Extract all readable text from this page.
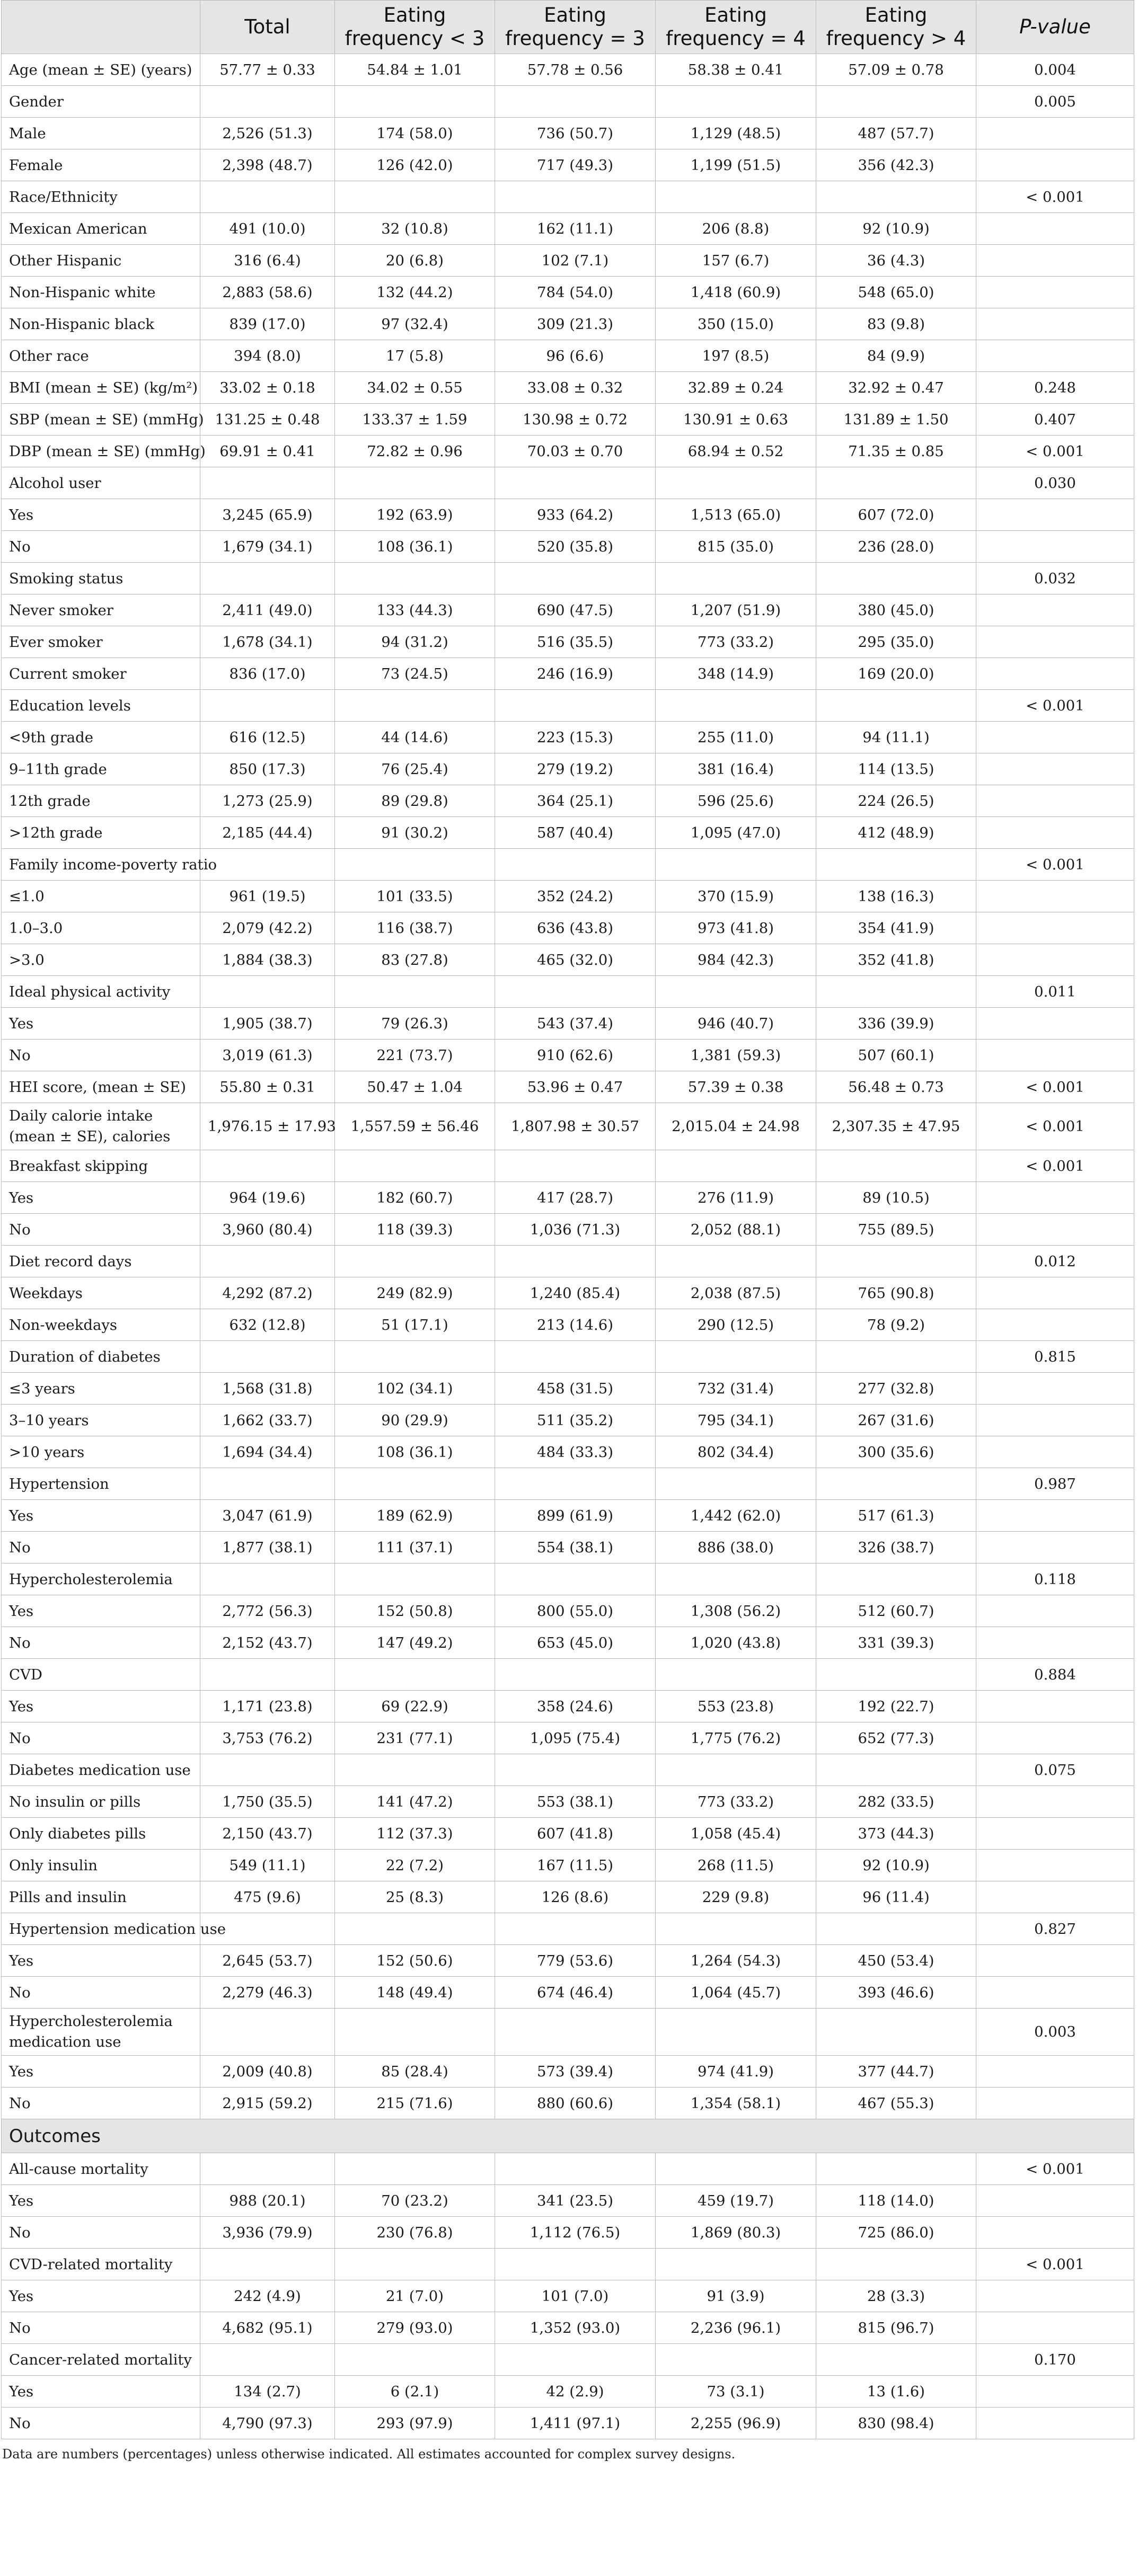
	Total	Eating frequency < 3	Eating frequency = 3	Eating frequency = 4	Eating frequency > 4	P-value
Age (mean ± SE) (years)	57.77 ± 0.33	54.84 ± 1.01	57.78 ± 0.56	58.38 ± 0.41	57.09 ± 0.78	0.004
Gender						0.005
Male	2,526 (51.3)	174 (58.0)	736 (50.7)	1,129 (48.5)	487 (57.7)	
Female	2,398 (48.7)	126 (42.0)	717 (49.3)	1,199 (51.5)	356 (42.3)	
Race/Ethnicity						< 0.001
Mexican American	491 (10.0)	32 (10.8)	162 (11.1)	206 (8.8)	92 (10.9)	
Other Hispanic	316 (6.4)	20 (6.8)	102 (7.1)	157 (6.7)	36 (4.3)	
Non-Hispanic white	2,883 (58.6)	132 (44.2)	784 (54.0)	1,418 (60.9)	548 (65.0)	
Non-Hispanic black	839 (17.0)	97 (32.4)	309 (21.3)	350 (15.0)	83 (9.8)	
Other race	394 (8.0)	17 (5.8)	96 (6.6)	197 (8.5)	84 (9.9)	
BMI (mean ± SE) (kg/m²)	33.02 ± 0.18	34.02 ± 0.55	33.08 ± 0.32	32.89 ± 0.24	32.92 ± 0.47	0.248
SBP (mean ± SE) (mmHg)	131.25 ± 0.48	133.37 ± 1.59	130.98 ± 0.72	130.91 ± 0.63	131.89 ± 1.50	0.407
DBP (mean ± SE) (mmHg)	69.91 ± 0.41	72.82 ± 0.96	70.03 ± 0.70	68.94 ± 0.52	71.35 ± 0.85	< 0.001
Alcohol user						0.030
Yes	3,245 (65.9)	192 (63.9)	933 (64.2)	1,513 (65.0)	607 (72.0)	
No	1,679 (34.1)	108 (36.1)	520 (35.8)	815 (35.0)	236 (28.0)	
Smoking status						0.032
Never smoker	2,411 (49.0)	133 (44.3)	690 (47.5)	1,207 (51.9)	380 (45.0)	
Ever smoker	1,678 (34.1)	94 (31.2)	516 (35.5)	773 (33.2)	295 (35.0)	
Current smoker	836 (17.0)	73 (24.5)	246 (16.9)	348 (14.9)	169 (20.0)	
Education levels						< 0.001
<9th grade	616 (12.5)	44 (14.6)	223 (15.3)	255 (11.0)	94 (11.1)	
9–11th grade	850 (17.3)	76 (25.4)	279 (19.2)	381 (16.4)	114 (13.5)	
12th grade	1,273 (25.9)	89 (29.8)	364 (25.1)	596 (25.6)	224 (26.5)	
>12th grade	2,185 (44.4)	91 (30.2)	587 (40.4)	1,095 (47.0)	412 (48.9)	
Family income-poverty ratio						< 0.001
≤1.0	961 (19.5)	101 (33.5)	352 (24.2)	370 (15.9)	138 (16.3)	
1.0–3.0	2,079 (42.2)	116 (38.7)	636 (43.8)	973 (41.8)	354 (41.9)	
>3.0	1,884 (38.3)	83 (27.8)	465 (32.0)	984 (42.3)	352 (41.8)	
Ideal physical activity						0.011
Yes	1,905 (38.7)	79 (26.3)	543 (37.4)	946 (40.7)	336 (39.9)	
No	3,019 (61.3)	221 (73.7)	910 (62.6)	1,381 (59.3)	507 (60.1)	
HEI score, (mean ± SE)	55.80 ± 0.31	50.47 ± 1.04	53.96 ± 0.47	57.39 ± 0.38	56.48 ± 0.73	< 0.001
Daily calorie intake (mean ± SE), calories	1,976.15 ± 17.93	1,557.59 ± 56.46	1,807.98 ± 30.57	2,015.04 ± 24.98	2,307.35 ± 47.95	< 0.001
Breakfast skipping						< 0.001
Yes	964 (19.6)	182 (60.7)	417 (28.7)	276 (11.9)	89 (10.5)	
No	3,960 (80.4)	118 (39.3)	1,036 (71.3)	2,052 (88.1)	755 (89.5)	
Diet record days						0.012
Weekdays	4,292 (87.2)	249 (82.9)	1,240 (85.4)	2,038 (87.5)	765 (90.8)	
Non-weekdays	632 (12.8)	51 (17.1)	213 (14.6)	290 (12.5)	78 (9.2)	
Duration of diabetes						0.815
≤3 years	1,568 (31.8)	102 (34.1)	458 (31.5)	732 (31.4)	277 (32.8)	
3–10 years	1,662 (33.7)	90 (29.9)	511 (35.2)	795 (34.1)	267 (31.6)	
>10 years	1,694 (34.4)	108 (36.1)	484 (33.3)	802 (34.4)	300 (35.6)	
Hypertension						0.987
Yes	3,047 (61.9)	189 (62.9)	899 (61.9)	1,442 (62.0)	517 (61.3)	
No	1,877 (38.1)	111 (37.1)	554 (38.1)	886 (38.0)	326 (38.7)	
Hypercholesterolemia						0.118
Yes	2,772 (56.3)	152 (50.8)	800 (55.0)	1,308 (56.2)	512 (60.7)	
No	2,152 (43.7)	147 (49.2)	653 (45.0)	1,020 (43.8)	331 (39.3)	
CVD						0.884
Yes	1,171 (23.8)	69 (22.9)	358 (24.6)	553 (23.8)	192 (22.7)	
No	3,753 (76.2)	231 (77.1)	1,095 (75.4)	1,775 (76.2)	652 (77.3)	
Diabetes medication use						0.075
No insulin or pills	1,750 (35.5)	141 (47.2)	553 (38.1)	773 (33.2)	282 (33.5)	
Only diabetes pills	2,150 (43.7)	112 (37.3)	607 (41.8)	1,058 (45.4)	373 (44.3)	
Only insulin	549 (11.1)	22 (7.2)	167 (11.5)	268 (11.5)	92 (10.9)	
Pills and insulin	475 (9.6)	25 (8.3)	126 (8.6)	229 (9.8)	96 (11.4)	
Hypertension medication use						0.827
Yes	2,645 (53.7)	152 (50.6)	779 (53.6)	1,264 (54.3)	450 (53.4)	
No	2,279 (46.3)	148 (49.4)	674 (46.4)	1,064 (45.7)	393 (46.6)	
Hypercholesterolemia medication use						0.003
Yes	2,009 (40.8)	85 (28.4)	573 (39.4)	974 (41.9)	377 (44.7)	
No	2,915 (59.2)	215 (71.6)	880 (60.6)	1,354 (58.1)	467 (55.3)	
Outcomes						
All-cause mortality						< 0.001
Yes	988 (20.1)	70 (23.2)	341 (23.5)	459 (19.7)	118 (14.0)	
No	3,936 (79.9)	230 (76.8)	1,112 (76.5)	1,869 (80.3)	725 (86.0)	
CVD-related mortality						< 0.001
Yes	242 (4.9)	21 (7.0)	101 (7.0)	91 (3.9)	28 (3.3)	
No	4,682 (95.1)	279 (93.0)	1,352 (93.0)	2,236 (96.1)	815 (96.7)	
Cancer-related mortality						0.170
Yes	134 (2.7)	6 (2.1)	42 (2.9)	73 (3.1)	13 (1.6)	
No	4,790 (97.3)	293 (97.9)	1,411 (97.1)	2,255 (96.9)	830 (98.4)	
Data are numbers (percentages) unless otherwise indicated. All estimates accounted for complex survey designs.
